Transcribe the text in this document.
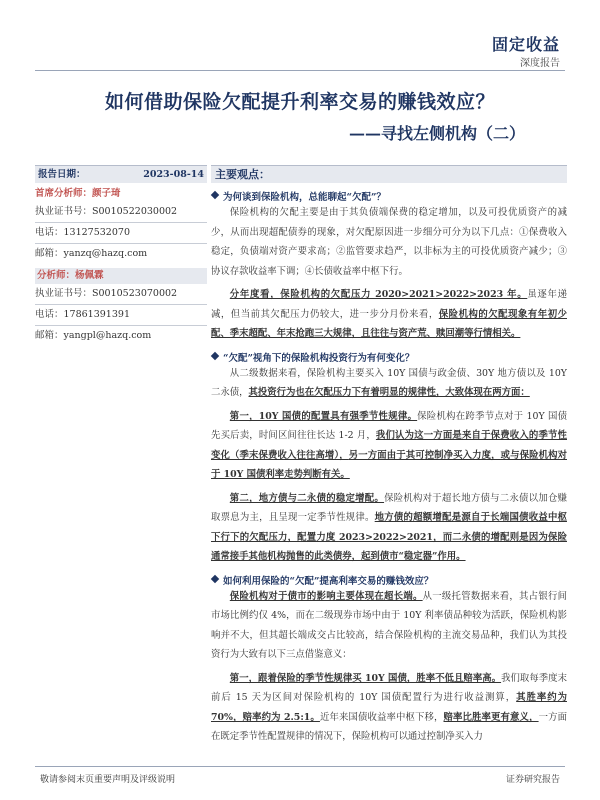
固定收益
深度报告
如何借助保险欠配提升利率交易的赚钱效应？
——寻找左侧机构（二）
报告日期：	2023-08-14
首席分析师：颜子琦
执业证书号：S0010522030002
电话：13127532070
邮箱：yanzq@hazq.com
分析师：杨佩霖
执业证书号：S0010523070002
电话：17861391391
邮箱：yangpl@hazq.com
主要观点：
为何谈到保险机构，总能聊起“欠配”？

保险机构的欠配主要是由于其负债端保费的稳定增加，以及可投优质资产的减少，从而出现超配债券的现象，对欠配原因进一步细分可分为以下几点：①保费收入稳定，负债端对资产要求高；②监管要求趋严，以非标为主的可投优质资产减少；③协议存款收益率下调；④长债收益率中枢下行。

分年度看，保险机构的欠配压力 2020>2021>2022>2023 年。虽逐年递减，但当前其欠配压力仍较大，进一步分月份来看，保险机构的欠配现象有年初少配、季末超配、年末抢跑三大规律，且往往与资产荒、赎回潮等行情相关。

“欠配”视角下的保险机构投资行为有何变化？

从二级数据来看，保险机构主要买入 10Y 国债与政金债、30Y 地方债以及 10Y 二永债，其投资行为也在欠配压力下有着明显的规律性，大致体现在两方面：

第一，10Y 国债的配置具有强季节性规律。保险机构在跨季节点对于 10Y 国债先买后卖，时间区间往往长达 1-2 月，我们认为这一方面是来自于保费收入的季节性变化（季末保费收入往往高增），另一方面由于其可控制净买入力度，或与保险机构对于 10Y 国债利率走势判断有关。

第二，地方债与二永债的稳定增配。保险机构对于超长地方债与二永债以加仓赚取票息为主，且呈现一定季节性规律。地方债的超额增配是源自于长端国债收益中枢下行下的欠配压力，配置力度 2023>2022>2021，而二永债的增配则是因为保险通常接手其他机构抛售的此类债券，起到债市“稳定器”作用。

如何利用保险的“欠配”提高利率交易的赚钱效应？

保险机构对于债市的影响主要体现在超长端。从一级托管数据来看，其占银行间市场比例约仅 4%，而在二级现券市场中由于 10Y 利率债品种较为活跃，保险机构影响并不大，但其超长端成交占比较高，结合保险机构的主流交易品种，我们认为其投资行为大致有以下三点借鉴意义：

第一，跟着保险的季节性规律买 10Y 国债，胜率不低且赔率高。我们取每季度末前后 15 天为区间对保险机构的 10Y 国债配置行为进行收益测算，其胜率约为 70%，赔率约为 2.5:1。近年来国债收益率中枢下移，赔率比胜率更有意义，一方面在既定季节性配置规律的情况下，保险机构可以通过控制净买入力

敬请参阅末页重要声明及评级说明	证券研究报告
